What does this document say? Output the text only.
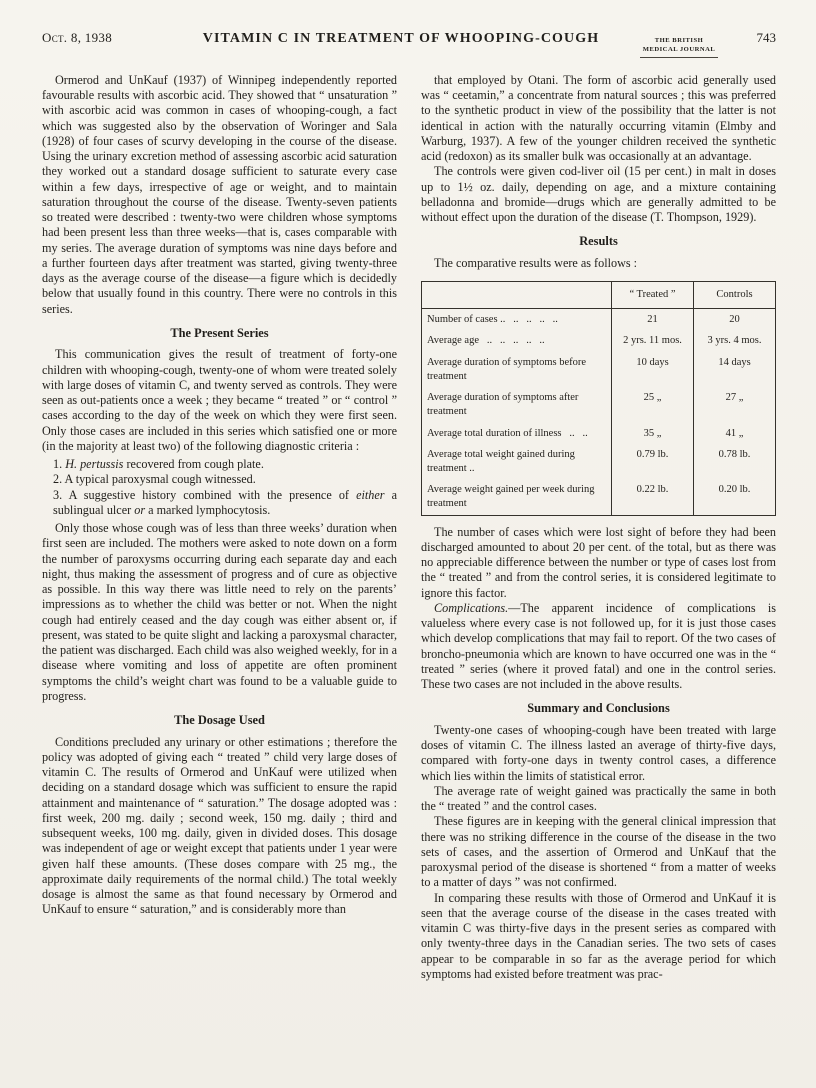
Oct. 8, 1938	VITAMIN C IN TREATMENT OF WHOOPING-COUGH	THE BRITISH
MEDICAL JOURNAL
743

Ormerod and UnKauf (1937) of Winnipeg independently reported favourable results with ascorbic acid. They showed that “ unsaturation ” with ascorbic acid was common in cases of whooping-cough, a fact which was suggested also by the observation of Woringer and Sala (1928) of four cases of scurvy developing in the course of the disease. Using the urinary excretion method of assessing ascorbic acid saturation they worked out a standard dosage sufficient to saturate every case within a few days, irrespective of age or weight, and to maintain saturation throughout the course of the disease. Twenty-seven patients so treated were described : twenty-two were children whose symptoms had been present less than three weeks—that is, cases comparable with my series. The average duration of symptoms was nine days before and a further fourteen days after treatment was started, giving twenty-three days as the average course of the disease—a figure which is decidedly below that usually found in this country. There were no controls in this series.

The Present Series

This communication gives the result of treatment of forty-one children with whooping-cough, twenty-one of whom were treated solely with large doses of vitamin C, and twenty served as controls. They were seen as out-patients once a week ; they became “ treated ” or “ control ” cases according to the day of the week on which they were first seen. Only those cases are included in this series which satisfied one or more (in the majority at least two) of the following diagnostic criteria :

1. H. pertussis recovered from cough plate.

2. A typical paroxysmal cough witnessed.

3. A suggestive history combined with the presence of either a sublingual ulcer or a marked lymphocytosis.

Only those whose cough was of less than three weeks’ duration when first seen are included. The mothers were asked to note down on a form the number of paroxysms occurring during each separate day and each night, thus making the assessment of progress and of cure as objective as possible. In this way there was little need to rely on the parents’ impressions as to whether the child was better or not. When the night cough had entirely ceased and the day cough was either absent or, if present, was stated to be quite slight and lacking a paroxysmal character, the patient was discharged. Each child was also weighed weekly, for in a disease where vomiting and loss of appetite are often prominent symptoms the child’s weight chart was found to be a valuable guide to progress.

The Dosage Used

Conditions precluded any urinary or other estimations ; therefore the policy was adopted of giving each “ treated ” child very large doses of vitamin C. The results of Ormerod and UnKauf were utilized when deciding on a standard dosage which was sufficient to ensure the rapid attainment and maintenance of “ saturation.” The dosage adopted was : first week, 200 mg. daily ; second week, 150 mg. daily ; third and subsequent weeks, 100 mg. daily, given in divided doses. This dosage was independent of age or weight except that patients under 1 year were given half these amounts. (These doses compare with 25 mg., the approximate daily requirements of the normal child.) The total weekly dosage is almost the same as that found necessary by Ormerod and UnKauf to ensure “ saturation,” and is considerably more than

that employed by Otani. The form of ascorbic acid generally used was “ ceetamin,” a concentrate from natural sources ; this was preferred to the synthetic product in view of the possibility that the latter is not identical in action with the naturally occurring vitamin (Elmby and Warburg, 1937). A few of the younger children received the synthetic acid (redoxon) as its smaller bulk was occasionally at an advantage.

The controls were given cod-liver oil (15 per cent.) in malt in doses up to 1½ oz. daily, depending on age, and a mixture containing belladonna and bromide—drugs which are generally admitted to be without effect upon the duration of the disease (T. Thompson, 1929).

Results

The comparative results were as follows :

	“ Treated ”	Controls
Number of cases ..   ..   ..   ..   ..	21	20
Average age   ..   ..   ..   ..   ..	2 yrs. 11 mos.	3 yrs. 4 mos.
Average duration of symptoms before treatment	10 days	14 days
Average duration of symptoms after treatment	25 „	27 „
Average total duration of illness   ..   ..	35 „	41 „
Average total weight gained during treatment ..	0.79 lb.	0.78 lb.
Average weight gained per week during treatment	0.22 lb.	0.20 lb.

The number of cases which were lost sight of before they had been discharged amounted to about 20 per cent. of the total, but as there was no appreciable difference between the number or type of cases lost from the “ treated ” and from the control series, it is considered legitimate to ignore this factor.

Complications.—The apparent incidence of complications is valueless where every case is not followed up, for it is just those cases which develop complications that may fail to report. Of the two cases of broncho-pneumonia which are known to have occurred one was in the “ treated ” series (where it proved fatal) and one in the control series. These two cases are not included in the above results.

Summary and Conclusions

Twenty-one cases of whooping-cough have been treated with large doses of vitamin C. The illness lasted an average of thirty-five days, compared with forty-one days in twenty control cases, a difference which lies within the limits of statistical error.

The average rate of weight gained was practically the same in both the “ treated ” and the control cases.

These figures are in keeping with the general clinical impression that there was no striking difference in the course of the disease in the two sets of cases, and the assertion of Ormerod and UnKauf that the paroxysmal period of the disease is shortened “ from a matter of weeks to a matter of days ” was not confirmed.

In comparing these results with those of Ormerod and UnKauf it is seen that the average course of the disease in the cases treated with vitamin C was thirty-five days in the present series as compared with only twenty-three days in the Canadian series. The two sets of cases appear to be comparable in so far as the average period for which symptoms had existed before treatment was prac-
